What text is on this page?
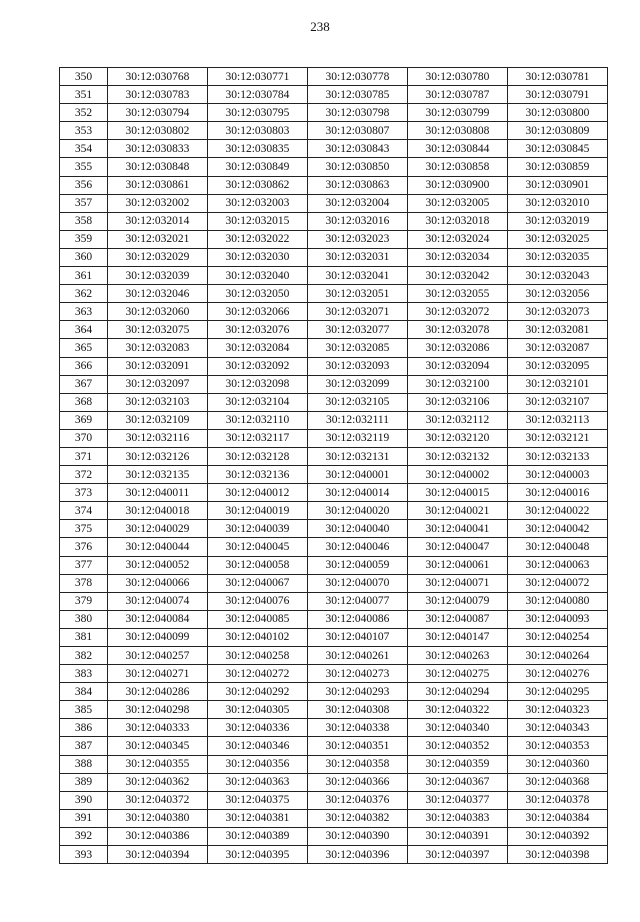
238
350	30:12:030768	30:12:030771	30:12:030778	30:12:030780	30:12:030781
351	30:12:030783	30:12:030784	30:12:030785	30:12:030787	30:12:030791
352	30:12:030794	30:12:030795	30:12:030798	30:12:030799	30:12:030800
353	30:12:030802	30:12:030803	30:12:030807	30:12:030808	30:12:030809
354	30:12:030833	30:12:030835	30:12:030843	30:12:030844	30:12:030845
355	30:12:030848	30:12:030849	30:12:030850	30:12:030858	30:12:030859
356	30:12:030861	30:12:030862	30:12:030863	30:12:030900	30:12:030901
357	30:12:032002	30:12:032003	30:12:032004	30:12:032005	30:12:032010
358	30:12:032014	30:12:032015	30:12:032016	30:12:032018	30:12:032019
359	30:12:032021	30:12:032022	30:12:032023	30:12:032024	30:12:032025
360	30:12:032029	30:12:032030	30:12:032031	30:12:032034	30:12:032035
361	30:12:032039	30:12:032040	30:12:032041	30:12:032042	30:12:032043
362	30:12:032046	30:12:032050	30:12:032051	30:12:032055	30:12:032056
363	30:12:032060	30:12:032066	30:12:032071	30:12:032072	30:12:032073
364	30:12:032075	30:12:032076	30:12:032077	30:12:032078	30:12:032081
365	30:12:032083	30:12:032084	30:12:032085	30:12:032086	30:12:032087
366	30:12:032091	30:12:032092	30:12:032093	30:12:032094	30:12:032095
367	30:12:032097	30:12:032098	30:12:032099	30:12:032100	30:12:032101
368	30:12:032103	30:12:032104	30:12:032105	30:12:032106	30:12:032107
369	30:12:032109	30:12:032110	30:12:032111	30:12:032112	30:12:032113
370	30:12:032116	30:12:032117	30:12:032119	30:12:032120	30:12:032121
371	30:12:032126	30:12:032128	30:12:032131	30:12:032132	30:12:032133
372	30:12:032135	30:12:032136	30:12:040001	30:12:040002	30:12:040003
373	30:12:040011	30:12:040012	30:12:040014	30:12:040015	30:12:040016
374	30:12:040018	30:12:040019	30:12:040020	30:12:040021	30:12:040022
375	30:12:040029	30:12:040039	30:12:040040	30:12:040041	30:12:040042
376	30:12:040044	30:12:040045	30:12:040046	30:12:040047	30:12:040048
377	30:12:040052	30:12:040058	30:12:040059	30:12:040061	30:12:040063
378	30:12:040066	30:12:040067	30:12:040070	30:12:040071	30:12:040072
379	30:12:040074	30:12:040076	30:12:040077	30:12:040079	30:12:040080
380	30:12:040084	30:12:040085	30:12:040086	30:12:040087	30:12:040093
381	30:12:040099	30:12:040102	30:12:040107	30:12:040147	30:12:040254
382	30:12:040257	30:12:040258	30:12:040261	30:12:040263	30:12:040264
383	30:12:040271	30:12:040272	30:12:040273	30:12:040275	30:12:040276
384	30:12:040286	30:12:040292	30:12:040293	30:12:040294	30:12:040295
385	30:12:040298	30:12:040305	30:12:040308	30:12:040322	30:12:040323
386	30:12:040333	30:12:040336	30:12:040338	30:12:040340	30:12:040343
387	30:12:040345	30:12:040346	30:12:040351	30:12:040352	30:12:040353
388	30:12:040355	30:12:040356	30:12:040358	30:12:040359	30:12:040360
389	30:12:040362	30:12:040363	30:12:040366	30:12:040367	30:12:040368
390	30:12:040372	30:12:040375	30:12:040376	30:12:040377	30:12:040378
391	30:12:040380	30:12:040381	30:12:040382	30:12:040383	30:12:040384
392	30:12:040386	30:12:040389	30:12:040390	30:12:040391	30:12:040392
393	30:12:040394	30:12:040395	30:12:040396	30:12:040397	30:12:040398
